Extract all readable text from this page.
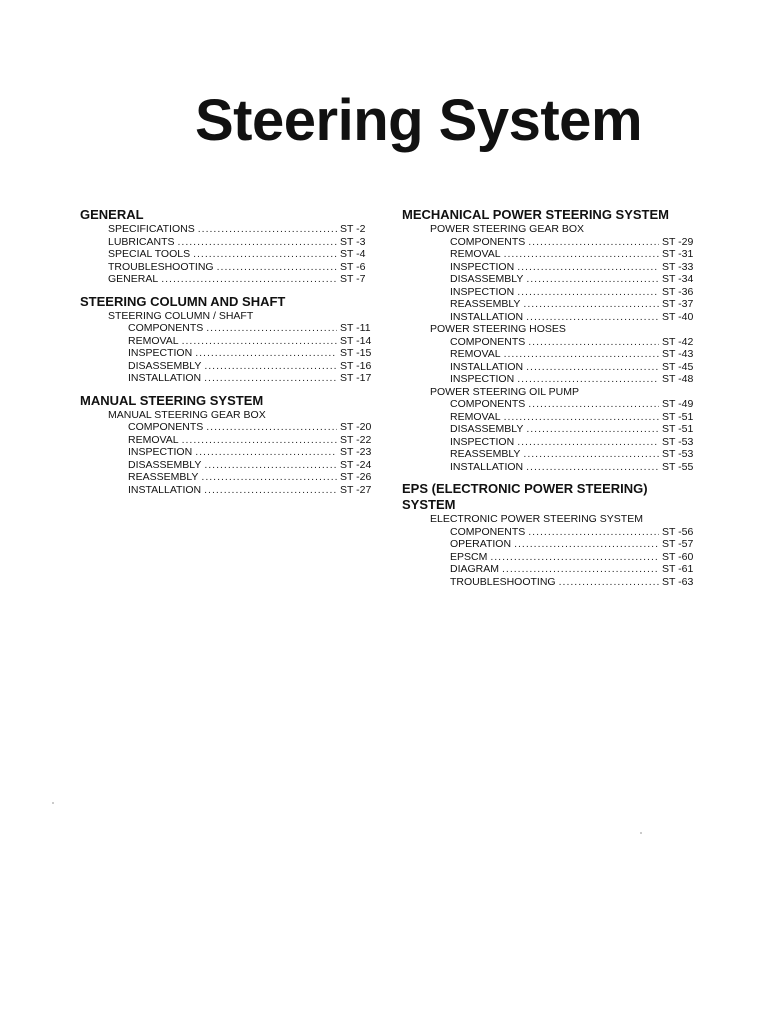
Steering System
GENERAL
SPECIFICATIONS .....	ST -2
LUBRICANTS .....	ST -3
SPECIAL TOOLS .....	ST -4
TROUBLESHOOTING .....	ST -6
GENERAL .....	ST -7
STEERING COLUMN AND SHAFT
STEERING COLUMN / SHAFT
COMPONENTS .....	ST -11
REMOVAL .....	ST -14
INSPECTION .....	ST -15
DISASSEMBLY .....	ST -16
INSTALLATION .....	ST -17
MANUAL STEERING SYSTEM
MANUAL STEERING GEAR BOX
COMPONENTS .....	ST -20
REMOVAL .....	ST -22
INSPECTION .....	ST -23
DISASSEMBLY .....	ST -24
REASSEMBLY .....	ST -26
INSTALLATION .....	ST -27
MECHANICAL POWER STEERING SYSTEM
POWER STEERING GEAR BOX
COMPONENTS .....	ST -29
REMOVAL .....	ST -31
INSPECTION .....	ST -33
DISASSEMBLY .....	ST -34
INSPECTION .....	ST -36
REASSEMBLY .....	ST -37
INSTALLATION .....	ST -40
POWER STEERING HOSES
COMPONENTS .....	ST -42
REMOVAL .....	ST -43
INSTALLATION .....	ST -45
INSPECTION .....	ST -48
POWER STEERING OIL PUMP
COMPONENTS .....	ST -49
REMOVAL .....	ST -51
DISASSEMBLY .....	ST -51
INSPECTION .....	ST -53
REASSEMBLY .....	ST -53
INSTALLATION .....	ST -55
EPS (ELECTRONIC POWER STEERING)
SYSTEM
ELECTRONIC POWER STEERING SYSTEM
COMPONENTS .....	ST -56
OPERATION .....	ST -57
EPSCM .....	ST -60
DIAGRAM .....	ST -61
TROUBLESHOOTING .....	ST -63
